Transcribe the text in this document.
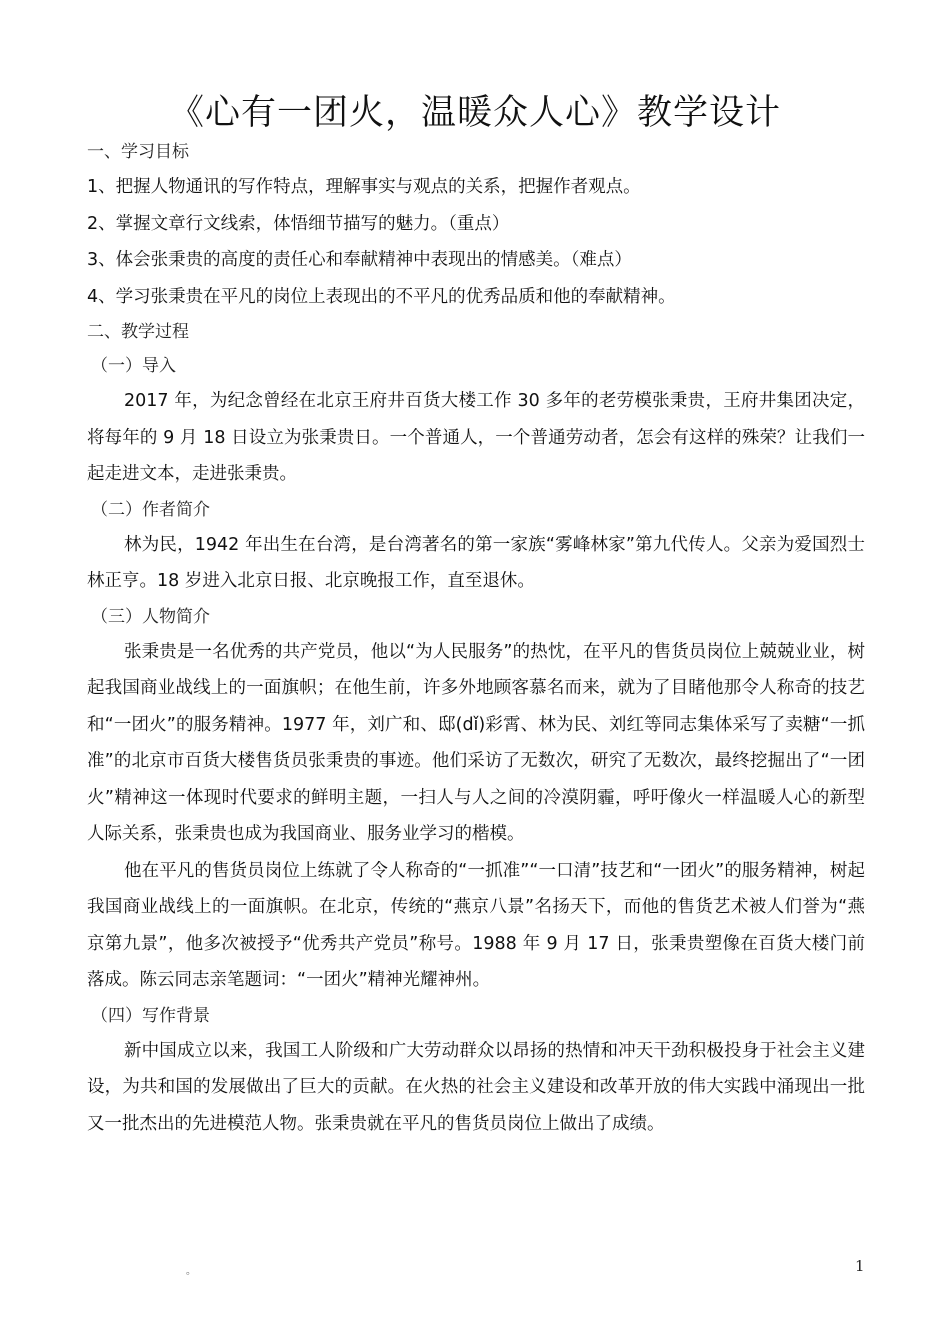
《心有一团火，温暖众人心》教学设计

一、学习目标

1、把握人物通讯的写作特点，理解事实与观点的关系，把握作者观点。

2、掌握文章行文线索，体悟细节描写的魅力。（重点）

3、体会张秉贵的高度的责任心和奉献精神中表现出的情感美。（难点）

4、学习张秉贵在平凡的岗位上表现出的不平凡的优秀品质和他的奉献精神。

二、教学过程

（一）导入

2017 年，为纪念曾经在北京王府井百货大楼工作 30 多年的老劳模张秉贵，王府井集团决定，将每年的 9 月 18 日设立为张秉贵日。一个普通人，一个普通劳动者，怎会有这样的殊荣？让我们一起走进文本，走进张秉贵。

（二）作者简介

林为民，1942 年出生在台湾，是台湾著名的第一家族“雾峰林家”第九代传人。父亲为爱国烈士林正亨。18 岁进入北京日报、北京晚报工作，直至退休。

（三）人物简介

张秉贵是一名优秀的共产党员，他以“为人民服务”的热忱，在平凡的售货员岗位上兢兢业业，树起我国商业战线上的一面旗帜；在他生前，许多外地顾客慕名而来，就为了目睹他那令人称奇的技艺和“一团火”的服务精神。1977 年，刘广和、邸(dǐ)彩霄、林为民、刘红等同志集体采写了卖糖“一抓准”的北京市百货大楼售货员张秉贵的事迹。他们采访了无数次，研究了无数次，最终挖掘出了“一团火”精神这一体现时代要求的鲜明主题，一扫人与人之间的冷漠阴霾，呼吁像火一样温暖人心的新型人际关系，张秉贵也成为我国商业、服务业学习的楷模。

他在平凡的售货员岗位上练就了令人称奇的“一抓准”“一口清”技艺和“一团火”的服务精神，树起我国商业战线上的一面旗帜。在北京，传统的“燕京八景”名扬天下，而他的售货艺术被人们誉为“燕京第九景”，他多次被授予“优秀共产党员”称号。1988 年 9 月 17 日，张秉贵塑像在百货大楼门前落成。陈云同志亲笔题词：“一团火”精神光耀神州。

（四）写作背景

新中国成立以来，我国工人阶级和广大劳动群众以昂扬的热情和冲天干劲积极投身于社会主义建设，为共和国的发展做出了巨大的贡献。在火热的社会主义建设和改革开放的伟大实践中涌现出一批又一批杰出的先进模范人物。张秉贵就在平凡的售货员岗位上做出了成绩。

。	1
